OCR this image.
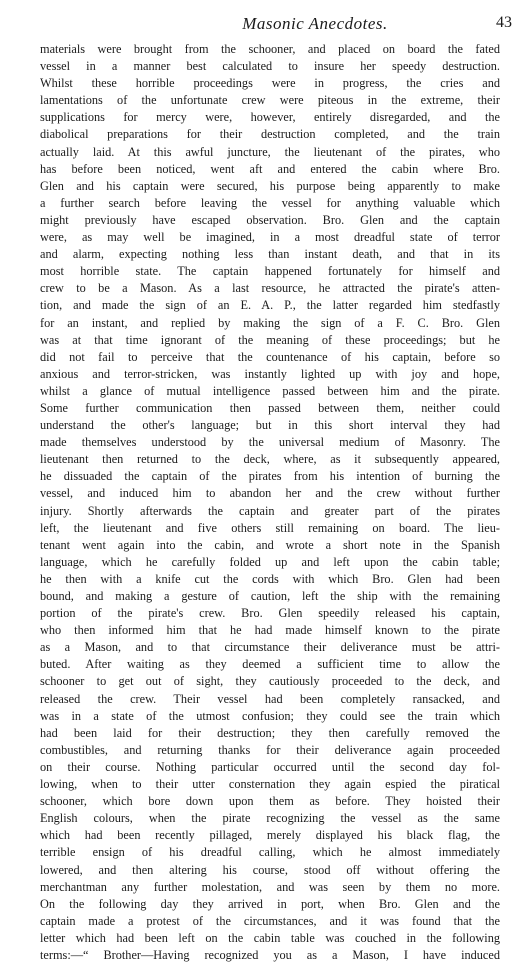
Masonic Anecdotes.	43
materials were brought from the schooner, and placed on board the fated
vessel in a manner best calculated to insure her speedy destruction.
Whilst these horrible proceedings were in progress, the cries and
lamentations of the unfortunate crew were piteous in the extreme, their
supplications for mercy were, however, entirely disregarded, and the
diabolical preparations for their destruction completed, and the train
actually laid. At this awful juncture, the lieutenant of the pirates, who
has before been noticed, went aft and entered the cabin where Bro.
Glen and his captain were secured, his purpose being apparently to make
a further search before leaving the vessel for anything valuable which
might previously have escaped observation. Bro. Glen and the captain
were, as may well be imagined, in a most dreadful state of terror
and alarm, expecting nothing less than instant death, and that in its
most horrible state. The captain happened fortunately for himself and
crew to be a Mason. As a last resource, he attracted the pirate's atten-
tion, and made the sign of an E. A. P., the latter regarded him stedfastly
for an instant, and replied by making the sign of a F. C. Bro. Glen
was at that time ignorant of the meaning of these proceedings; but he
did not fail to perceive that the countenance of his captain, before so
anxious and terror-stricken, was instantly lighted up with joy and hope,
whilst a glance of mutual intelligence passed between him and the pirate.
Some further communication then passed between them, neither could
understand the other's language; but in this short interval they had
made themselves understood by the universal medium of Masonry. The
lieutenant then returned to the deck, where, as it subsequently appeared,
he dissuaded the captain of the pirates from his intention of burning the
vessel, and induced him to abandon her and the crew without further
injury. Shortly afterwards the captain and greater part of the pirates
left, the lieutenant and five others still remaining on board. The lieu-
tenant went again into the cabin, and wrote a short note in the Spanish
language, which he carefully folded up and left upon the cabin table;
he then with a knife cut the cords with which Bro. Glen had been
bound, and making a gesture of caution, left the ship with the remaining
portion of the pirate's crew. Bro. Glen speedily released his captain,
who then informed him that he had made himself known to the pirate
as a Mason, and to that circumstance their deliverance must be attri-
buted. After waiting as they deemed a sufficient time to allow the
schooner to get out of sight, they cautiously proceeded to the deck, and
released the crew. Their vessel had been completely ransacked, and
was in a state of the utmost confusion; they could see the train which
had been laid for their destruction; they then carefully removed the
combustibles, and returning thanks for their deliverance again proceeded
on their course. Nothing particular occurred until the second day fol-
lowing, when to their utter consternation they again espied the piratical
schooner, which bore down upon them as before. They hoisted their
English colours, when the pirate recognizing the vessel as the same
which had been recently pillaged, merely displayed his black flag, the
terrible ensign of his dreadful calling, which he almost immediately
lowered, and then altering his course, stood off without offering the
merchantman any further molestation, and was seen by them no more.
On the following day they arrived in port, when Bro. Glen and the
captain made a protest of the circumstances, and it was found that the
letter which had been left on the cabin table was couched in the following
terms:—“ Brother—Having recognized you as a Mason, I have induced
